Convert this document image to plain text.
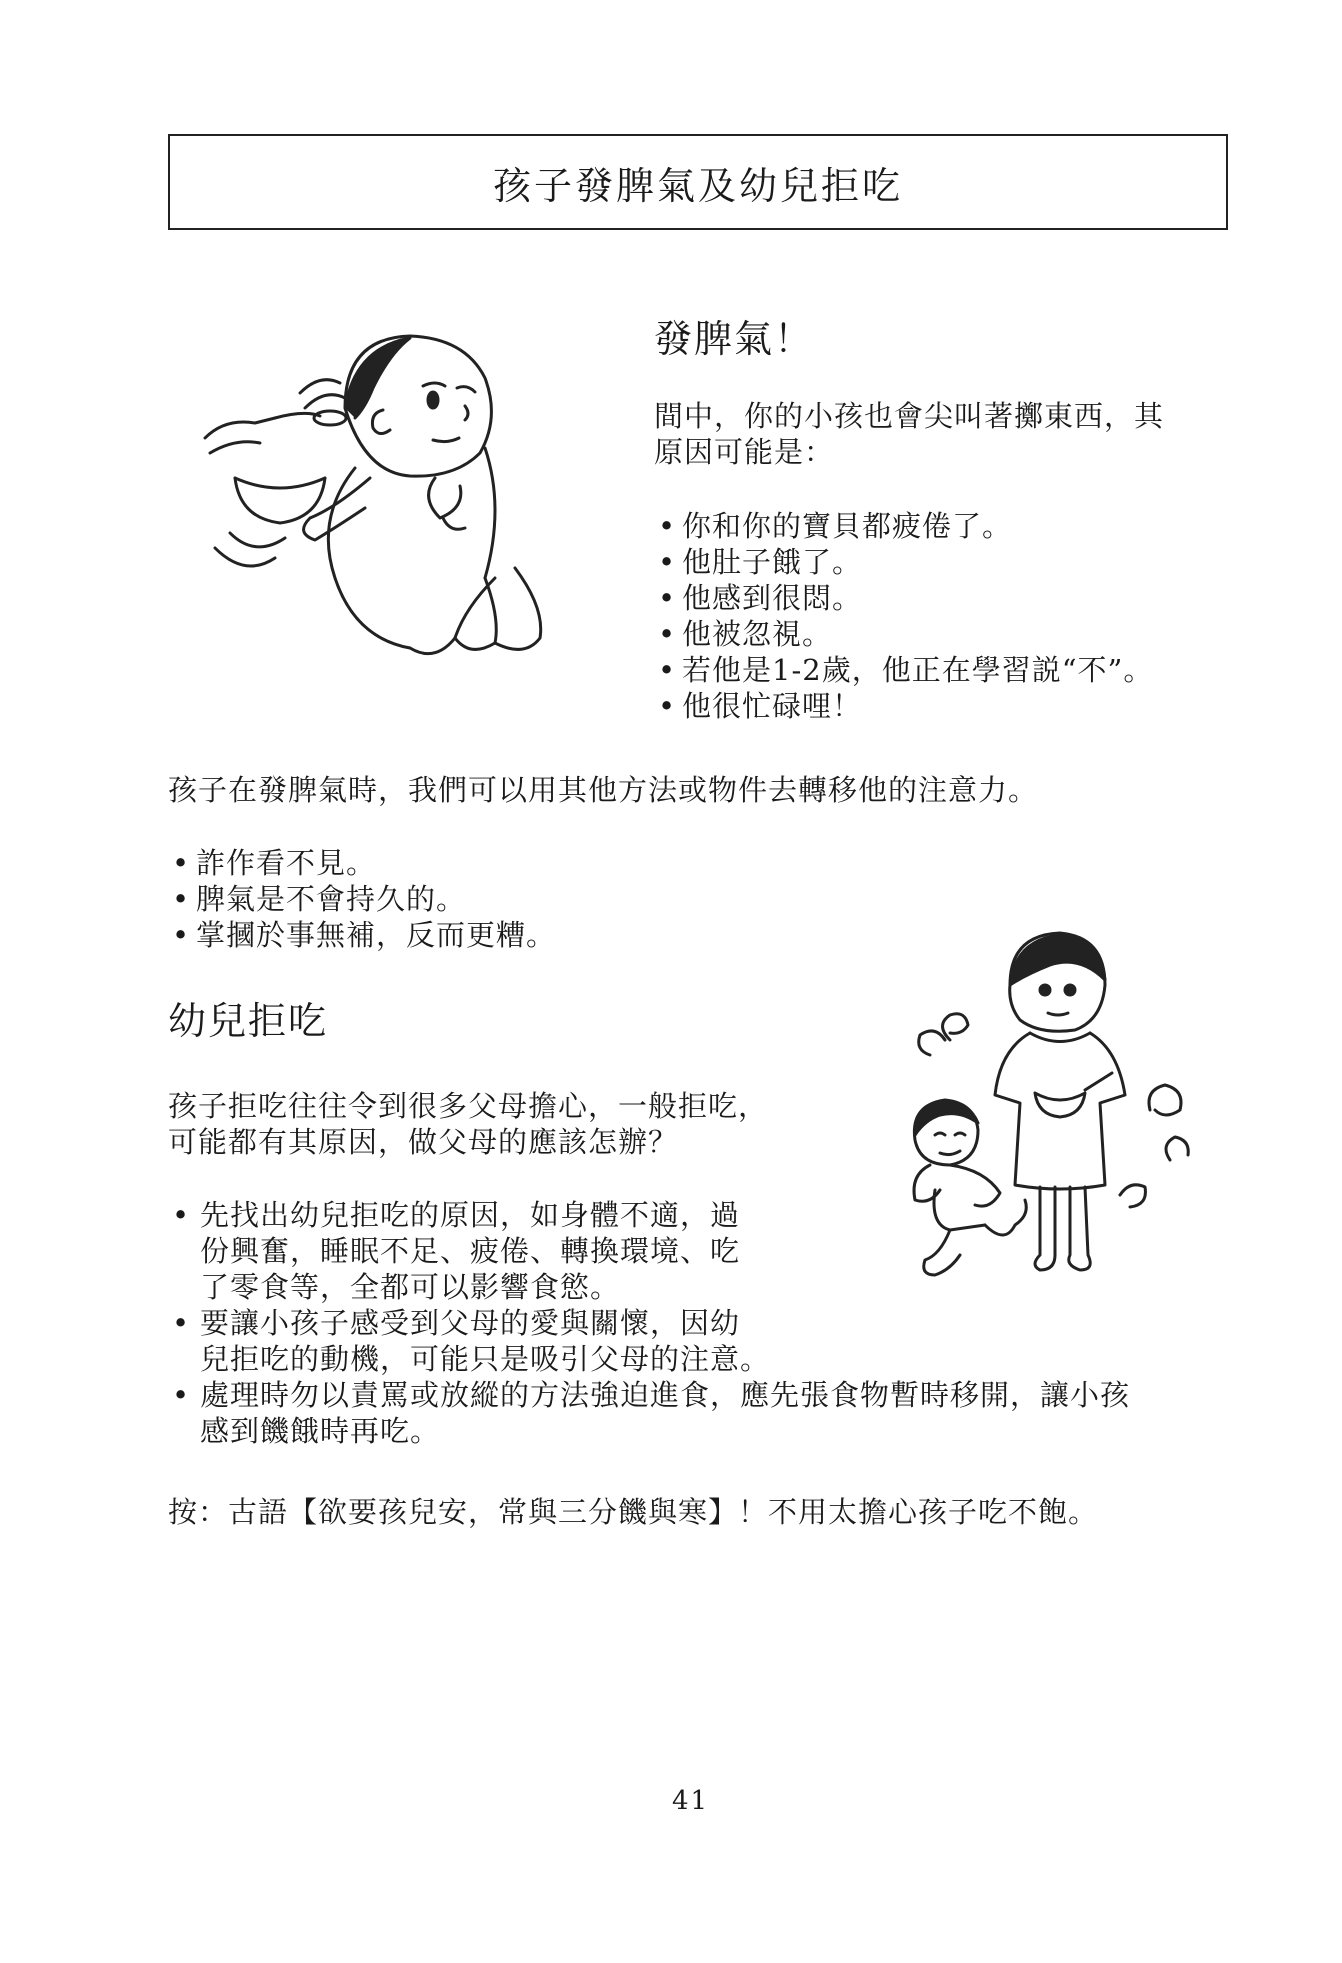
孩子發脾氣及幼兒拒吃
發脾氣！
間中，你的小孩也會尖叫著擲東西，其
原因可能是：
• 你和你的寶貝都疲倦了。
• 他肚子餓了。
• 他感到很悶。
• 他被忽視。
• 若他是1-2歲，他正在學習説“不”。
• 他很忙碌哩！
孩子在發脾氣時，我們可以用其他方法或物件去轉移他的注意力。
• 詐作看不見。
• 脾氣是不會持久的。
• 掌摑於事無補，反而更糟。
幼兒拒吃
孩子拒吃往往令到很多父母擔心，一般拒吃，
可能都有其原因，做父母的應該怎辦？
• 先找出幼兒拒吃的原因，如身體不適，過
份興奮，睡眠不足、疲倦、轉換環境、吃
了零食等，全都可以影響食慾。
• 要讓小孩子感受到父母的愛與關懷，因幼
兒拒吃的動機，可能只是吸引父母的注意。
• 處理時勿以責罵或放縱的方法強迫進食，應先張食物暫時移開，讓小孩
感到饑餓時再吃。
按：古語【欲要孩兒安，常與三分饑與寒】！不用太擔心孩子吃不飽。
41
